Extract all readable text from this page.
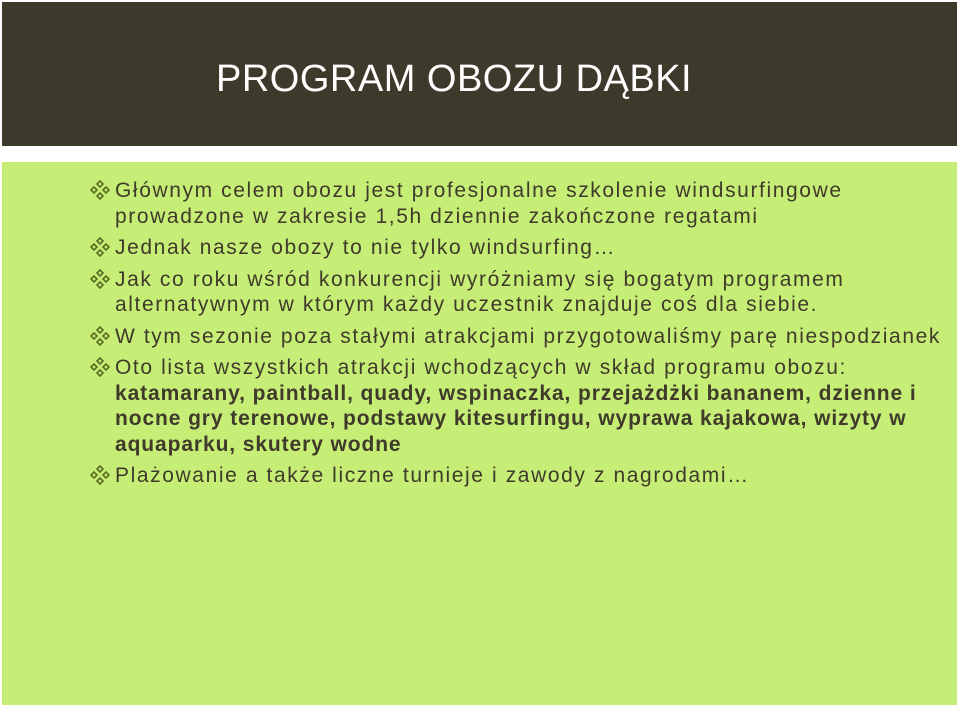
PROGRAM OBOZU DĄBKI
Głównym celem obozu jest profesjonalne szkolenie windsurfingowe prowadzone w zakresie 1,5h dziennie zakończone regatami
Jednak nasze obozy to nie tylko windsurfing…
Jak co roku wśród konkurencji wyróżniamy się bogatym programem alternatywnym w którym każdy uczestnik znajduje coś dla siebie.
W tym sezonie poza stałymi atrakcjami przygotowaliśmy parę niespodzianek
Oto lista wszystkich atrakcji wchodzących w skład programu obozu: katamarany, paintball, quady, wspinaczka, przejażdżki bananem, dzienne i nocne gry terenowe, podstawy kitesurfingu, wyprawa kajakowa, wizyty w aquaparku, skutery wodne
Plażowanie a także liczne turnieje i zawody z nagrodami…
